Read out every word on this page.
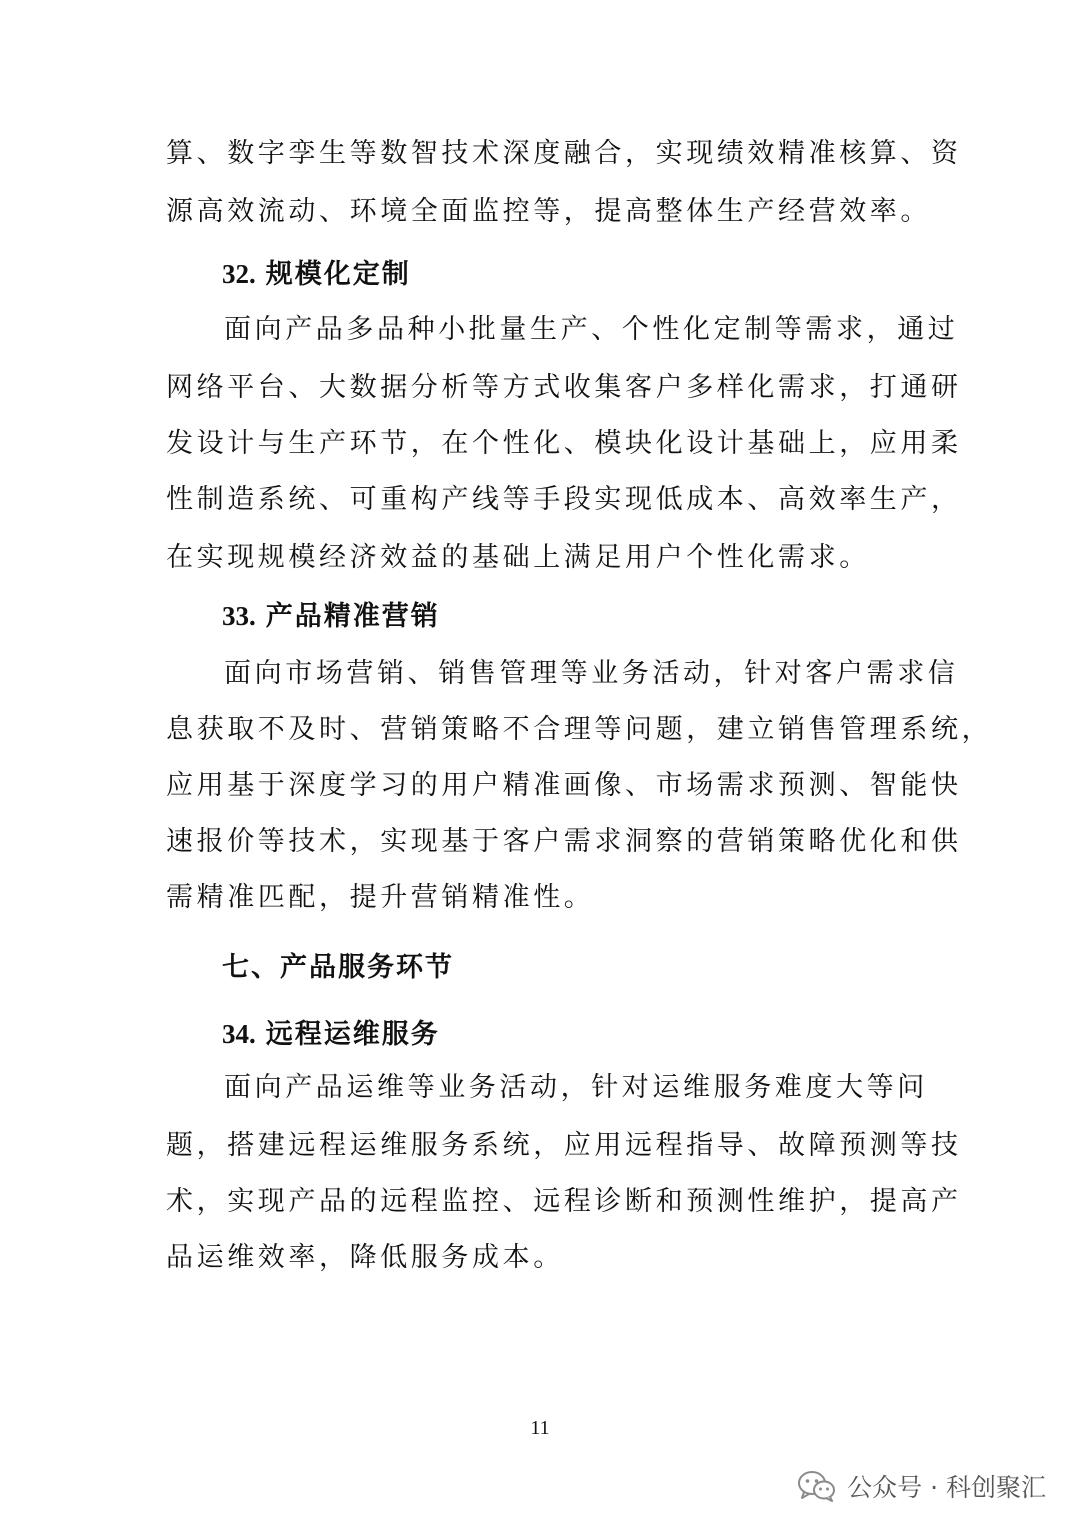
算、数字孪生等数智技术深度融合，实现绩效精准核算、资
源高效流动、环境全面监控等，提高整体生产经营效率。
32. 规模化定制
面向产品多品种小批量生产、个性化定制等需求，通过
网络平台、大数据分析等方式收集客户多样化需求，打通研
发设计与生产环节，在个性化、模块化设计基础上，应用柔
性制造系统、可重构产线等手段实现低成本、高效率生产，
在实现规模经济效益的基础上满足用户个性化需求。
33. 产品精准营销
面向市场营销、销售管理等业务活动，针对客户需求信
息获取不及时、营销策略不合理等问题，建立销售管理系统，
应用基于深度学习的用户精准画像、市场需求预测、智能快
速报价等技术，实现基于客户需求洞察的营销策略优化和供
需精准匹配，提升营销精准性。
七、产品服务环节
34. 远程运维服务
面向产品运维等业务活动，针对运维服务难度大等问
题，搭建远程运维服务系统，应用远程指导、故障预测等技
术，实现产品的远程监控、远程诊断和预测性维护，提高产
品运维效率，降低服务成本。
11
公众号 · 科创聚汇
